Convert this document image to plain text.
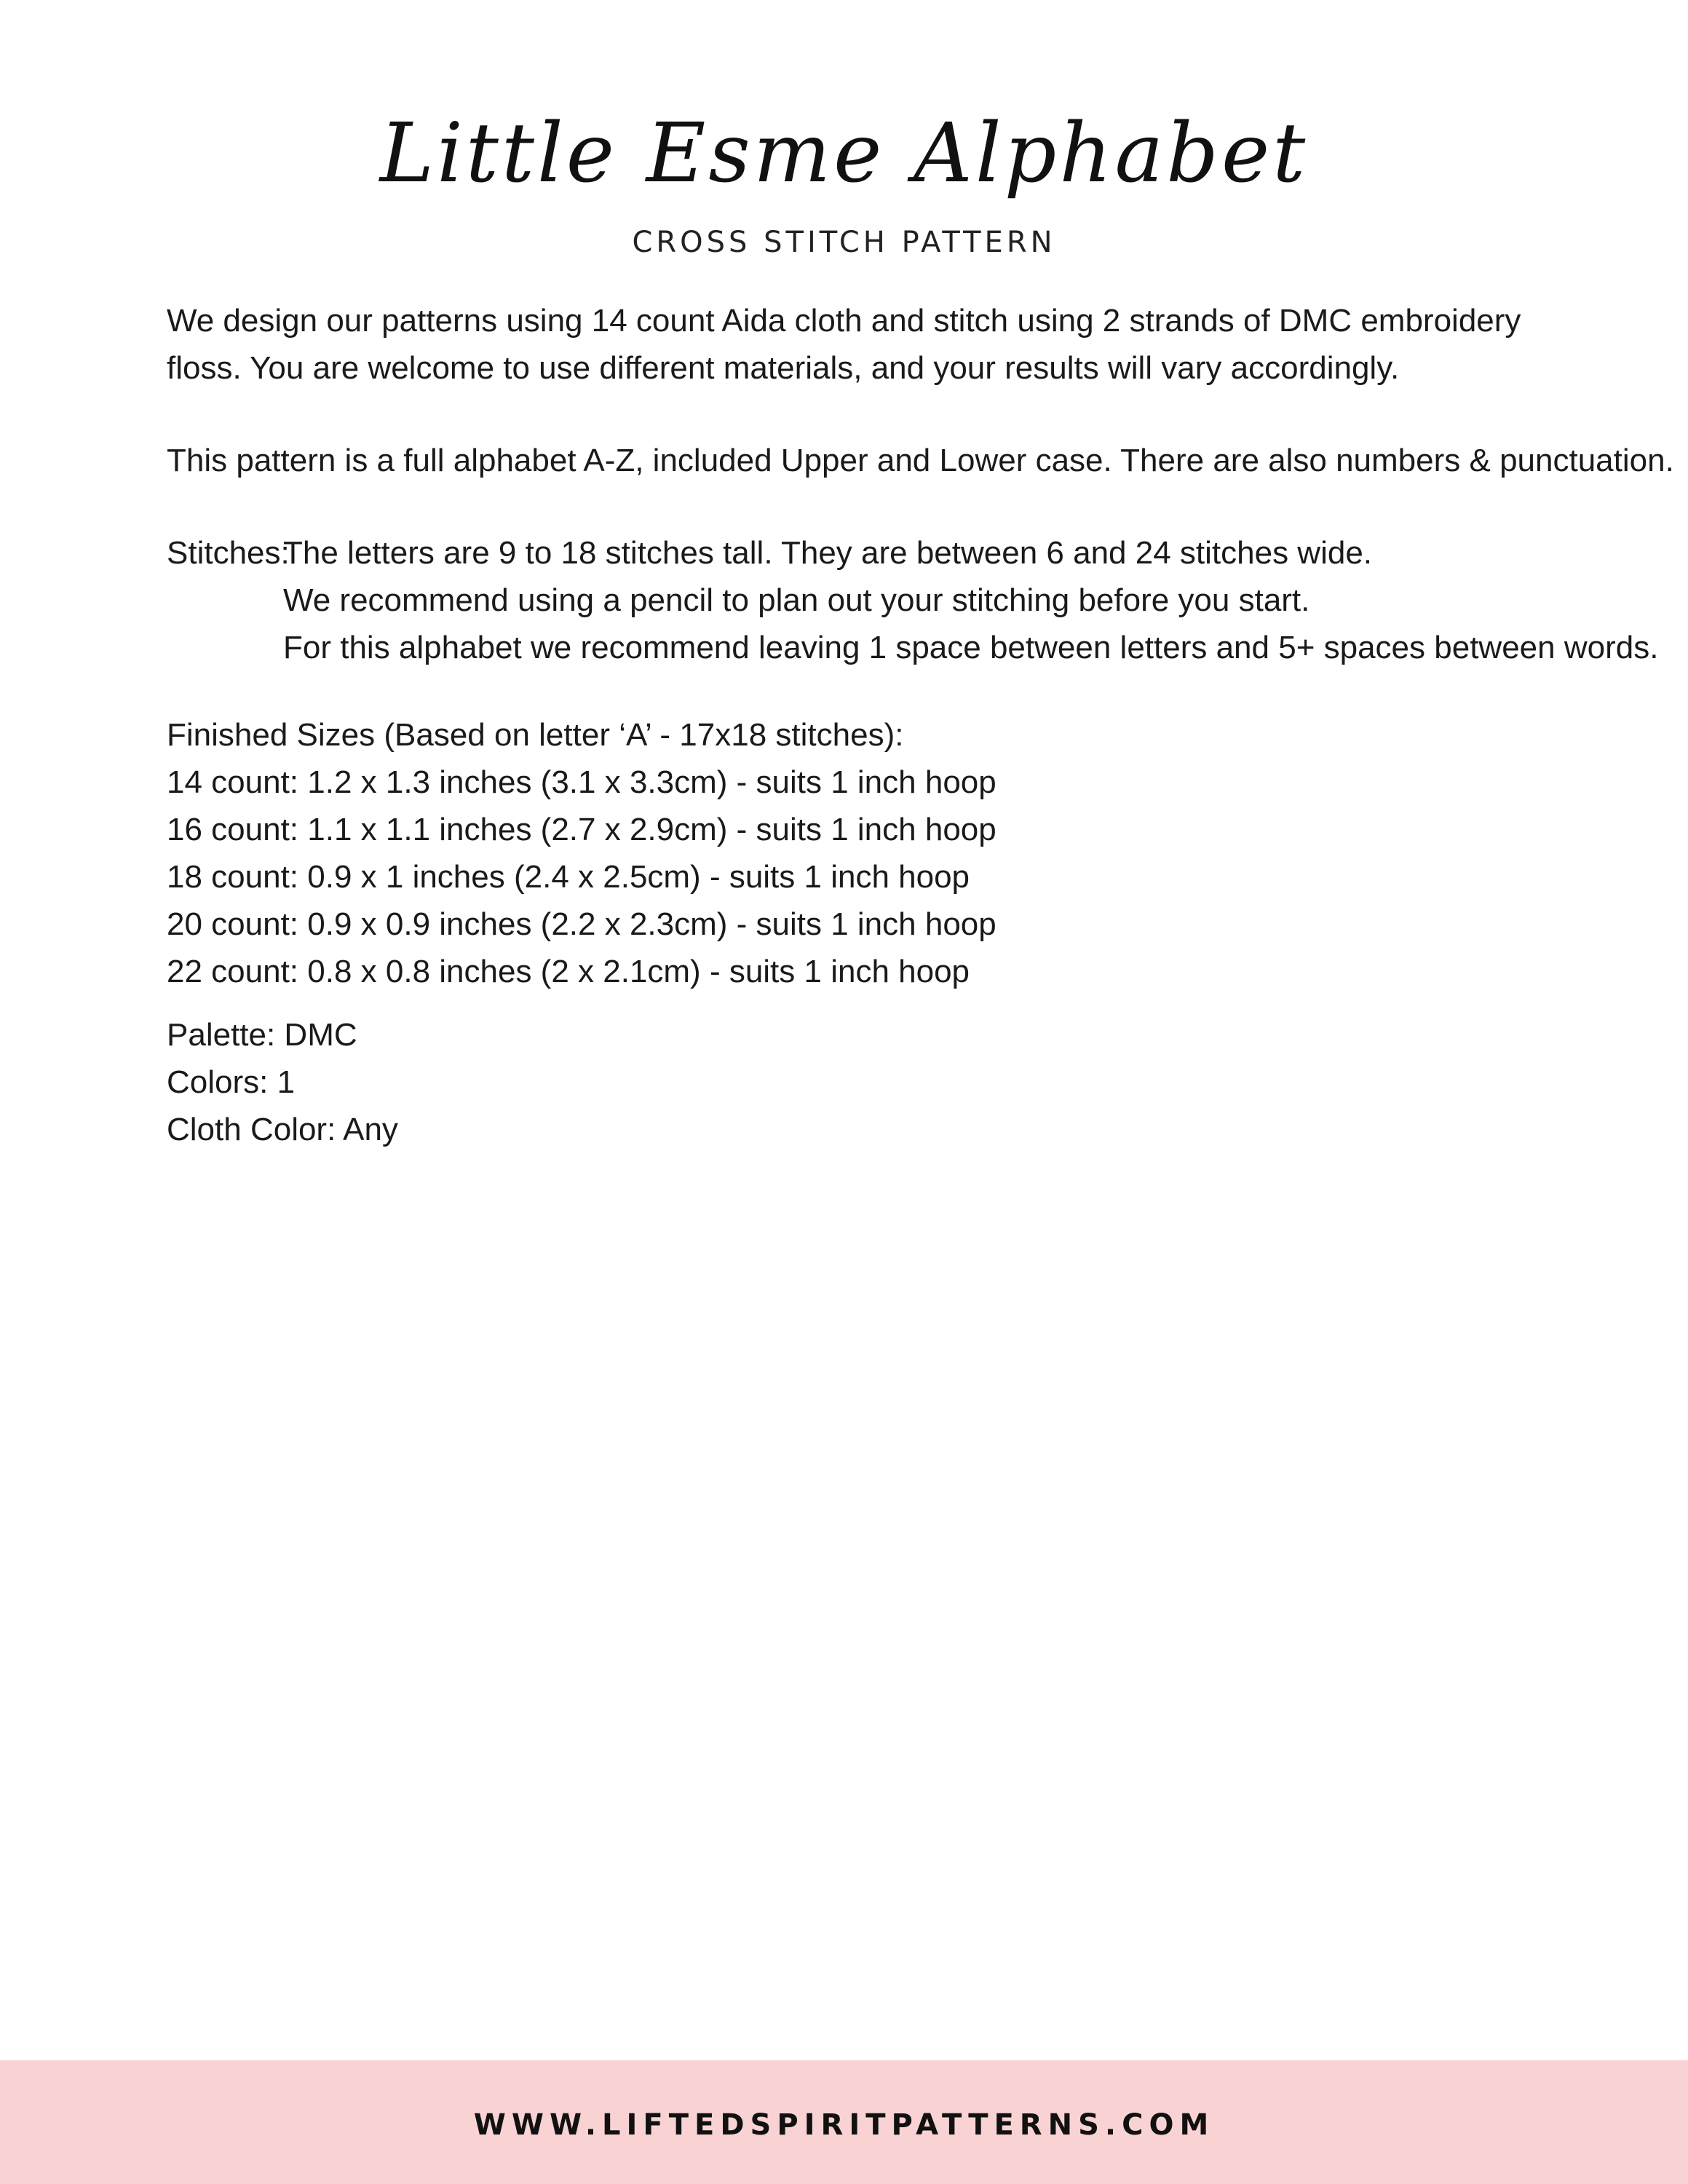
Little Esme Alphabet
CROSS STITCH PATTERN
We design our patterns using 14 count Aida cloth and stitch using 2 strands of DMC embroidery
floss. You are welcome to use different materials, and your results will vary accordingly.
This pattern is a full alphabet A-Z, included Upper and Lower case. There are also numbers & punctuation.
Stitches:
The letters are 9 to 18 stitches tall. They are between 6 and 24 stitches wide.
We recommend using a pencil to plan out your stitching before you start.
For this alphabet we recommend leaving 1 space between letters and 5+ spaces between words.
Finished Sizes (Based on letter ‘A’ - 17x18 stitches):
14 count: 1.2 x 1.3 inches (3.1 x 3.3cm) - suits 1 inch hoop
16 count: 1.1 x 1.1 inches (2.7 x 2.9cm) - suits 1 inch hoop
18 count: 0.9 x 1 inches (2.4 x 2.5cm) - suits 1 inch hoop
20 count: 0.9 x 0.9 inches (2.2 x 2.3cm) - suits 1 inch hoop
22 count: 0.8 x 0.8 inches (2 x 2.1cm) - suits 1 inch hoop
Palette: DMC
Colors: 1
Cloth Color: Any
WWW.LIFTEDSPIRITPATTERNS.COM
